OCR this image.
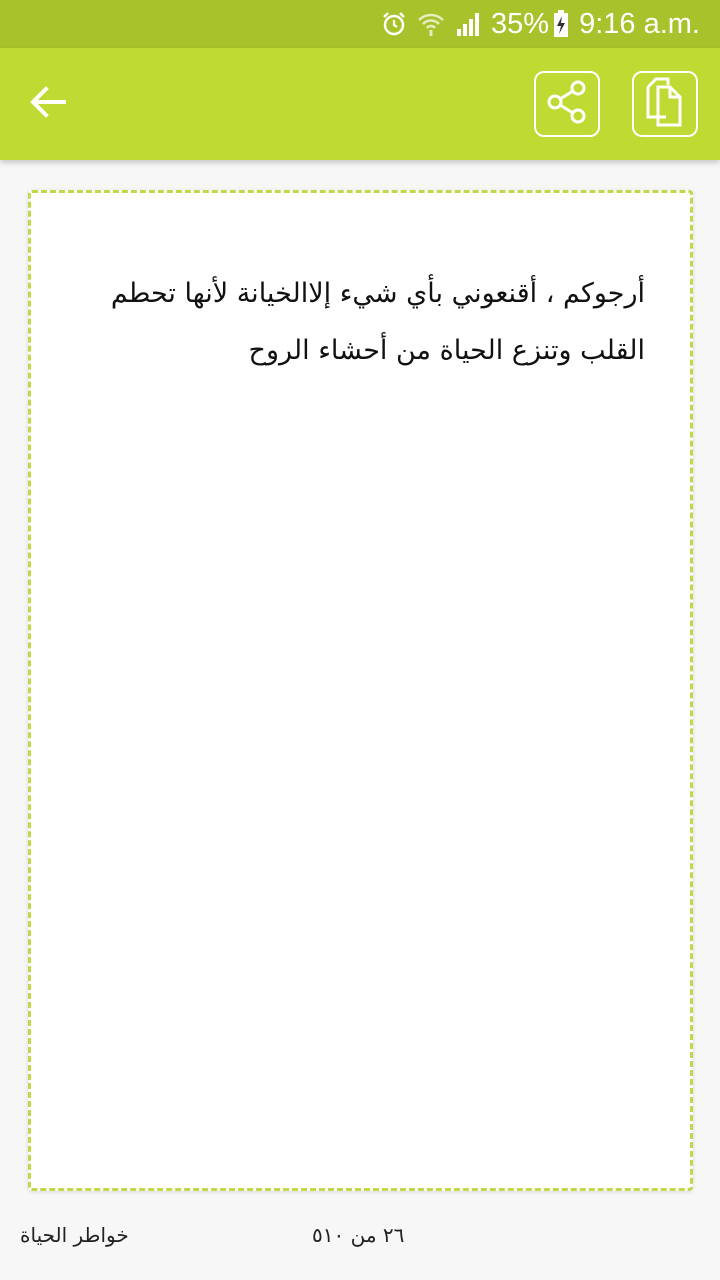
35% 9:16 a.m.
أرجوكم ، أقنعوني بأي شيء إلاالخيانة لأنها تحطم القلب وتنزع الحياة من أحشاء الروح
٢٦ من ٥١٠
خواطر الحياة
